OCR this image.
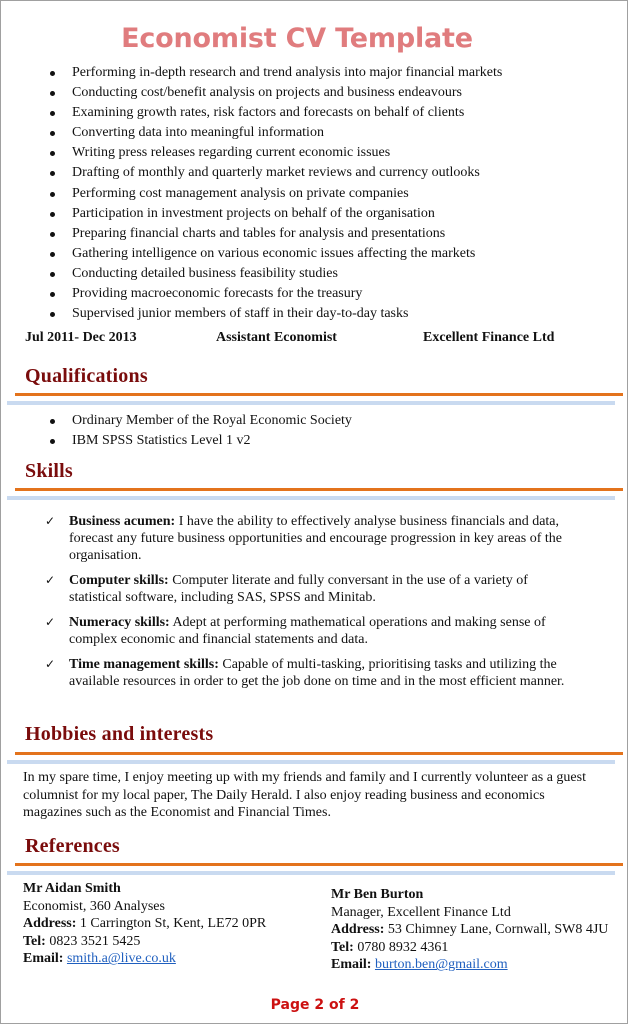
Economist CV Template
Performing in-depth research and trend analysis into major financial markets
Conducting cost/benefit analysis on projects and business endeavours
Examining growth rates, risk factors and forecasts on behalf of clients
Converting data into meaningful information
Writing press releases regarding current economic issues
Drafting of monthly and quarterly market reviews and currency outlooks
Performing cost management analysis on private companies
Participation in investment projects on behalf of the organisation
Preparing financial charts and tables for analysis and presentations
Gathering intelligence on various economic issues affecting the markets
Conducting detailed business feasibility studies
Providing macroeconomic forecasts for the treasury
Supervised junior members of staff in their day-to-day tasks
Jul 2011- Dec 2013	Assistant Economist	Excellent Finance Ltd
Qualifications
Ordinary Member of the Royal Economic Society
IBM SPSS Statistics Level 1 v2
Skills
✓ Business acumen: I have the ability to effectively analyse business financials and data, forecast any future business opportunities and encourage progression in key areas of the organisation.
✓ Computer skills: Computer literate and fully conversant in the use of a variety of statistical software, including SAS, SPSS and Minitab.
✓ Numeracy skills: Adept at performing mathematical operations and making sense of complex economic and financial statements and data.
✓ Time management skills: Capable of multi-tasking, prioritising tasks and utilizing the available resources in order to get the job done on time and in the most efficient manner.
Hobbies and interests
In my spare time, I enjoy meeting up with my friends and family and I currently volunteer as a guest columnist for my local paper, The Daily Herald. I also enjoy reading business and economics magazines such as the Economist and Financial Times.
References
Mr Aidan Smith
Economist, 360 Analyses
Address: 1 Carrington St, Kent, LE72 0PR
Tel: 0823 3521 5425
Email: smith.a@live.co.uk
Mr Ben Burton
Manager, Excellent Finance Ltd
Address: 53 Chimney Lane, Cornwall, SW8 4JU
Tel: 0780 8932 4361
Email: burton.ben@gmail.com
Page 2 of 2
